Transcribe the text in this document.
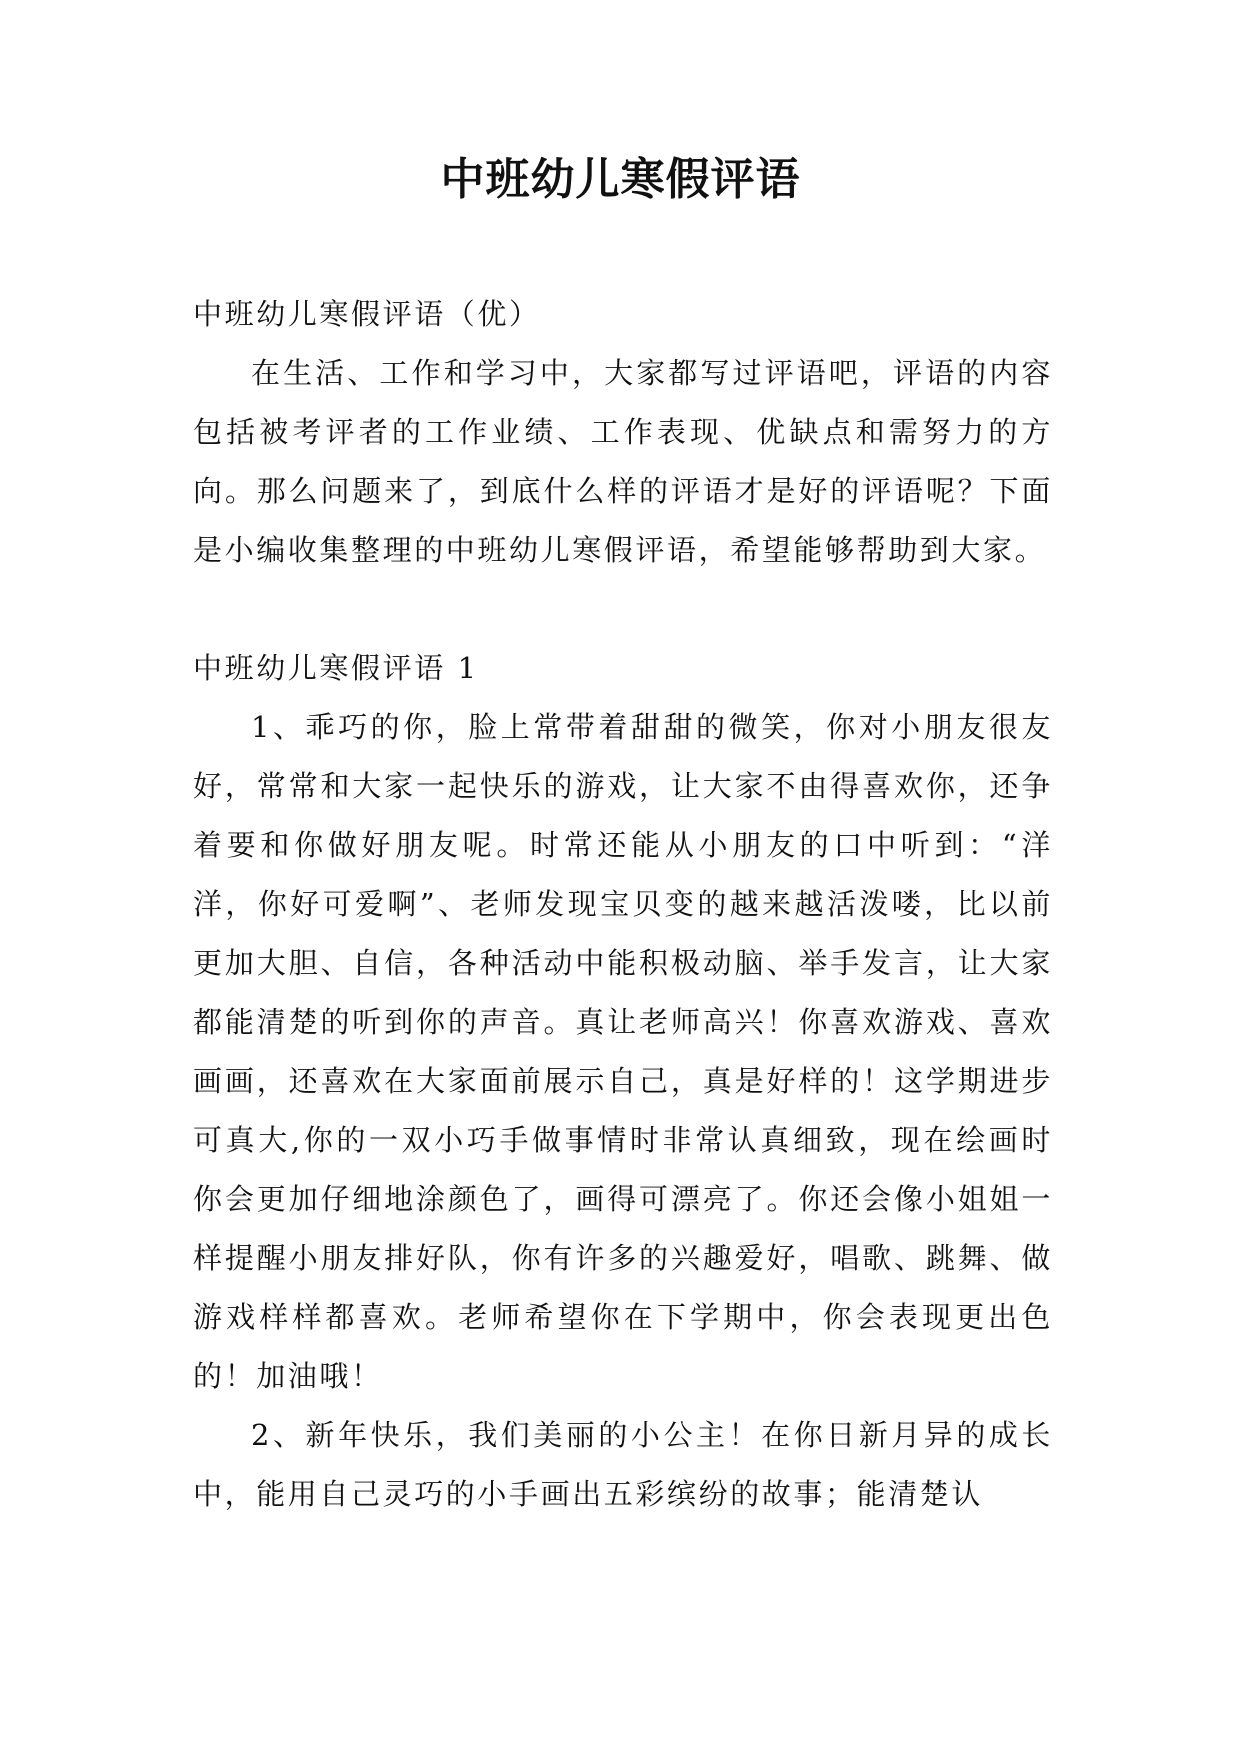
中班幼儿寒假评语
中班幼儿寒假评语（优）

在生活、工作和学习中，大家都写过评语吧，评语的内容包括被考评者的工作业绩、工作表现、优缺点和需努力的方向。那么问题来了，到底什么样的评语才是好的评语呢？下面是小编收集整理的中班幼儿寒假评语，希望能够帮助到大家。

中班幼儿寒假评语 1

1、乖巧的你，脸上常带着甜甜的微笑，你对小朋友很友好，常常和大家一起快乐的游戏，让大家不由得喜欢你，还争着要和你做好朋友呢。时常还能从小朋友的口中听到：“洋洋，你好可爱啊”、老师发现宝贝变的越来越活泼喽，比以前更加大胆、自信，各种活动中能积极动脑、举手发言，让大家都能清楚的听到你的声音。真让老师高兴！你喜欢游戏、喜欢画画，还喜欢在大家面前展示自己，真是好样的！这学期进步可真大,你的一双小巧手做事情时非常认真细致，现在绘画时你会更加仔细地涂颜色了，画得可漂亮了。你还会像小姐姐一样提醒小朋友排好队，你有许多的兴趣爱好，唱歌、跳舞、做游戏样样都喜欢。老师希望你在下学期中，你会表现更出色的！加油哦！

2、新年快乐，我们美丽的小公主！在你日新月异的成长中，能用自己灵巧的小手画出五彩缤纷的故事；能清楚认
